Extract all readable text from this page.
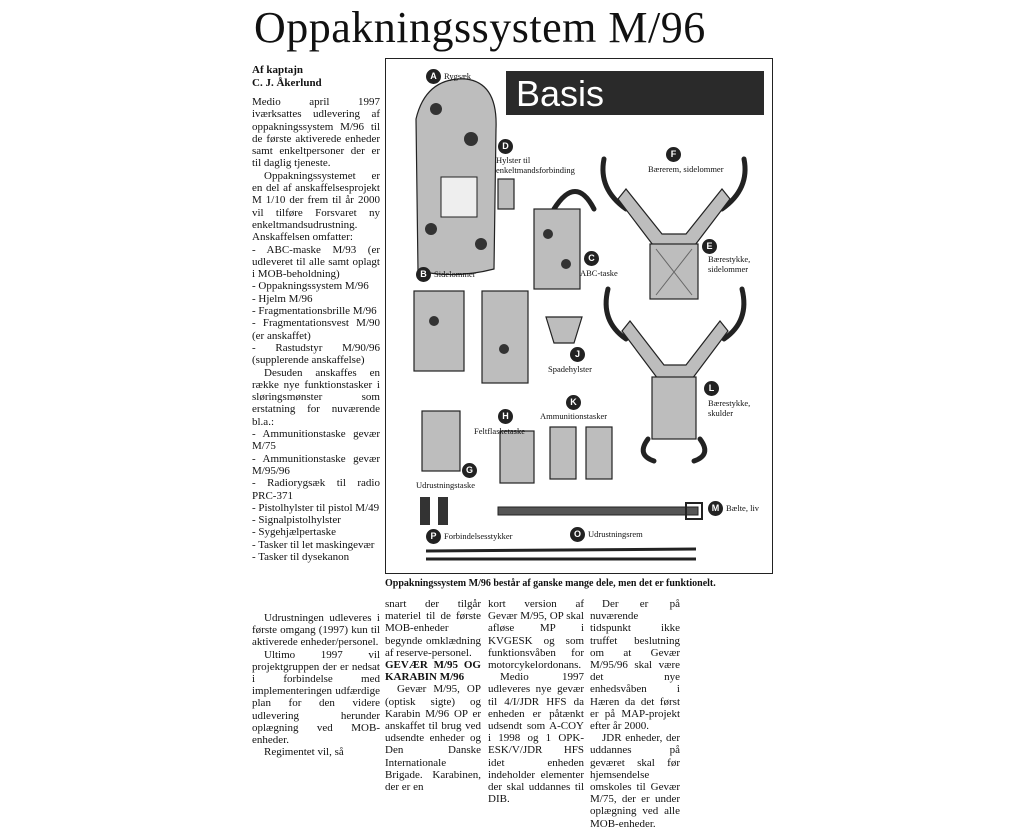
Oppakningssystem M/96
Af kaptajn
C. J. Åkerlund

Medio april 1997 iværksattes udlevering af oppakningssystem M/96 til de første aktiverede enheder samt enkeltpersoner der er til daglig tjeneste.

Oppakningssystemet er en del af anskaffelsesprojekt M 1/10 der frem til år 2000 vil tilføre Forsvaret ny enkeltmandsudrustning. Anskaffelsen omfatter:

- ABC-maske M/93 (er udleveret til alle samt oplagt i MOB-beholdning)

- Oppakningssystem M/96

- Hjelm M/96

- Fragmentationsbrille M/96

- Fragmentationsvest M/90 (er anskaffet)

- Rastudstyr M/90/96 (supplerende anskaffelse)

Desuden anskaffes en række nye funktionstasker i sløringsmønster som erstatning for nuværende bl.a.:

- Ammunitionstaske gevær M/75

- Ammunitionstaske gevær M/95/96

- Radiorygsæk til radio PRC-371

- Pistolhylster til pistol M/49

- Signalpistolhylster

- Sygehjælpertaske

- Tasker til let maskingevær

- Tasker til dysekanon

Udrustningen udleveres i første omgang (1997) kun til aktiverede enheder/personel.

Ultimo 1997 vil projektgruppen der er nedsat i forbindelse med implementeringen udfærdige plan for den videre udlevering herunder oplægning ved MOB-enheder.

Regimentet vil, så

Basis
A Rygsæk
D
Hylster til enkeltmandsforbinding
F
Bærerem, sidelommer
E
Bærestykke, sidelommer
B Sidelommer
C
ABC-taske
J
Spadehylster
L
Bærestykke, skulder
H
Feltflasketaske
K
Ammunitionstasker
G
Udrustningstaske
M Bælte, liv
P Forbindelsesstykker	O Udrustningsrem
Oppakningssystem M/96 består af ganske mange dele, men det er funktionelt.

snart der tilgår materiel til de første MOB-enheder begynde omklædning af reserve-personel.

GEVÆR M/95 OG KARABIN M/96

Gevær M/95, OP (optisk sigte) og Karabin M/96 OP er anskaffet til brug ved udsendte enheder og Den Danske Internationale Brigade. Karabinen, der er en

kort version af Gevær M/95, OP skal afløse MP i KVGESK og som funktionsvåben for motorcykelordonans.

Medio 1997 udleveres nye gevær til 4/I/JDR HFS da enheden er påtænkt udsendt som A-COY i 1998 og 1 OPK-ESK/V/JDR HFS idet enheden indeholder elementer der skal uddannes til DIB.

Der er på nuværende tidspunkt ikke truffet beslutning om at Gevær M/95/96 skal være det nye enhedsvåben i Hæren da det først er på MAP-projekt efter år 2000.

JDR enheder, der uddannes på geværet skal før hjemsendelse omskoles til Gevær M/75, der er under oplægning ved alle MOB-enheder.
